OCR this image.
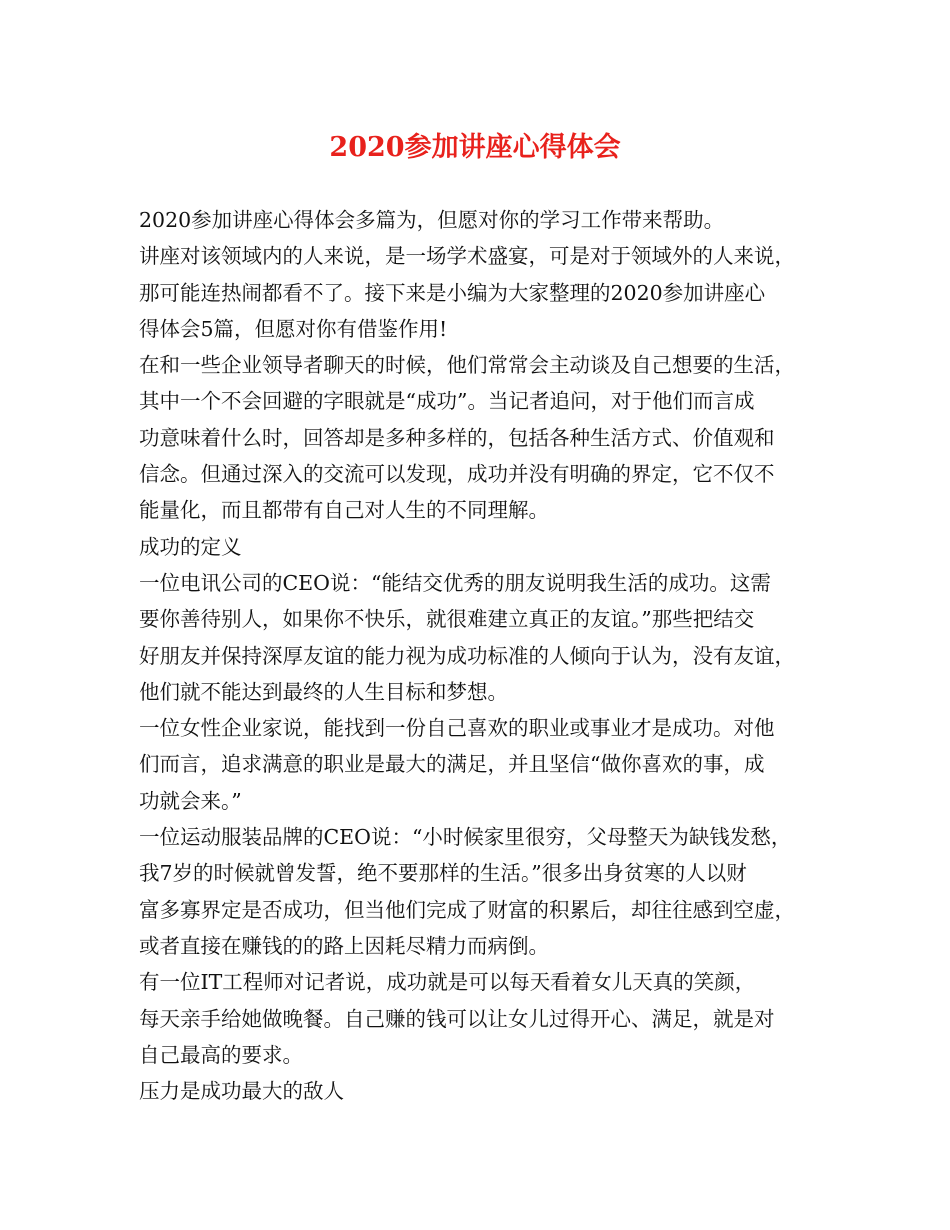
2020参加讲座心得体会
2020参加讲座心得体会多篇为，但愿对你的学习工作带来帮助。
讲座对该领域内的人来说，是一场学术盛宴，可是对于领域外的人来说，
那可能连热闹都看不了。接下来是小编为大家整理的2020参加讲座心
得体会5篇，但愿对你有借鉴作用!
在和一些企业领导者聊天的时候，他们常常会主动谈及自己想要的生活，
其中一个不会回避的字眼就是“成功”。当记者追问，对于他们而言成
功意味着什么时，回答却是多种多样的，包括各种生活方式、价值观和
信念。但通过深入的交流可以发现，成功并没有明确的界定，它不仅不
能量化，而且都带有自己对人生的不同理解。
成功的定义
一位电讯公司的CEO说：“能结交优秀的朋友说明我生活的成功。这需
要你善待别人，如果你不快乐，就很难建立真正的友谊。”那些把结交
好朋友并保持深厚友谊的能力视为成功标准的人倾向于认为，没有友谊，
他们就不能达到最终的人生目标和梦想。
一位女性企业家说，能找到一份自己喜欢的职业或事业才是成功。对他
们而言，追求满意的职业是最大的满足，并且坚信“做你喜欢的事，成
功就会来。”
一位运动服装品牌的CEO说：“小时候家里很穷，父母整天为缺钱发愁，
我7岁的时候就曾发誓，绝不要那样的生活。”很多出身贫寒的人以财
富多寡界定是否成功，但当他们完成了财富的积累后，却往往感到空虚，
或者直接在赚钱的的路上因耗尽精力而病倒。
有一位IT工程师对记者说，成功就是可以每天看着女儿天真的笑颜，
每天亲手给她做晚餐。自己赚的钱可以让女儿过得开心、满足，就是对
自己最高的要求。
压力是成功最大的敌人
